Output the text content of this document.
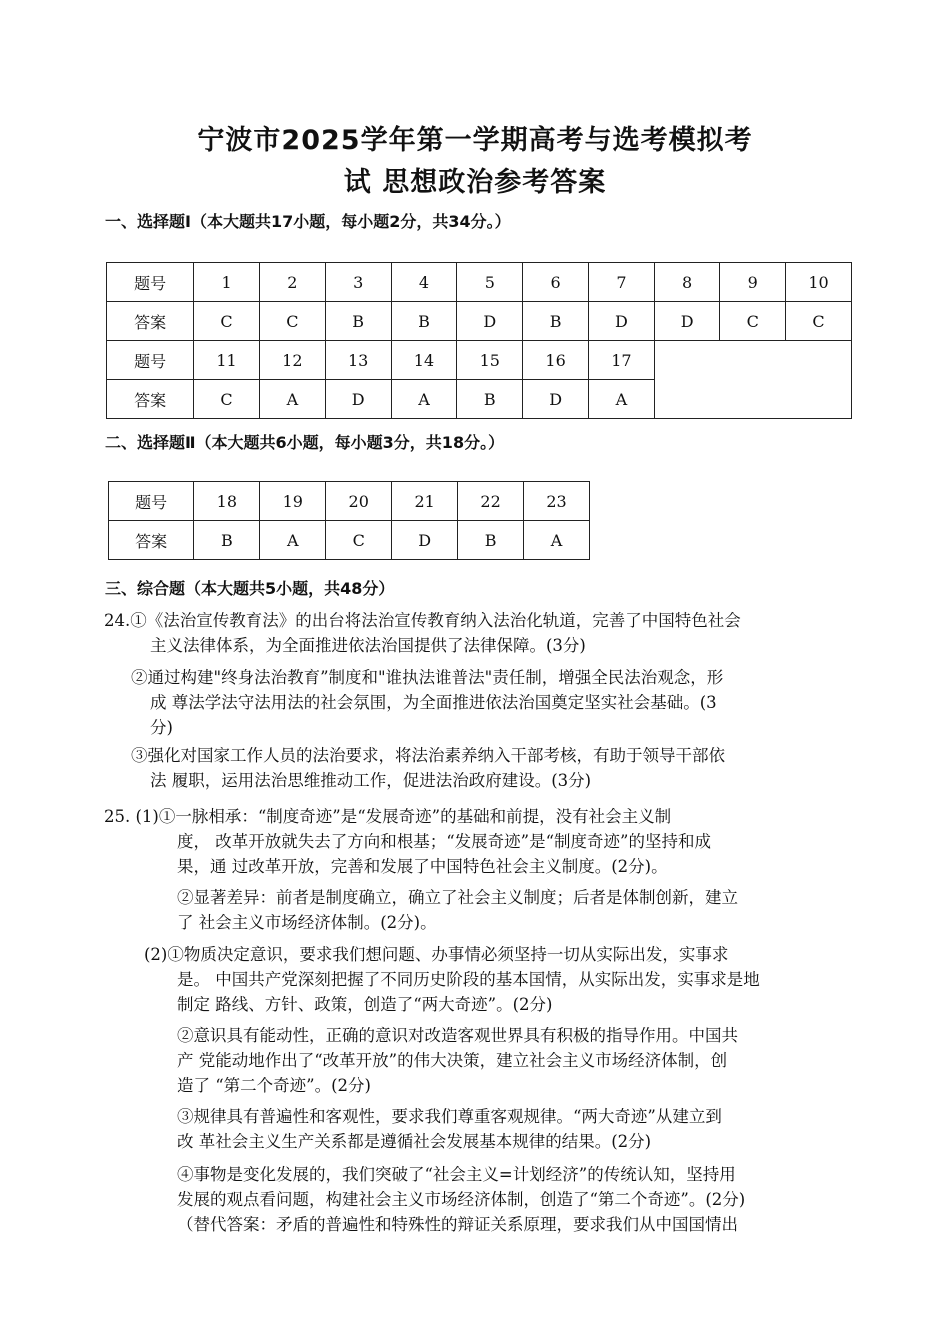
宁波市2025学年第一学期高考与选考模拟考
试 思想政治参考答案
一、选择题Ⅰ（本大题共17小题，每小题2分，共34分。）
题号	1	2	3	4	5	6	7	8	9	10
答案	C	C	B	B	D	B	D	D	C	C
题号	11	12	13	14	15	16	17			
答案	C	A	D	A	B	D	A			
二、选择题Ⅱ（本大题共6小题，每小题3分，共18分。）
题号	18	19	20	21	22	23
答案	B	A	C	D	B	A
三、综合题（本大题共5小题，共48分）
24.①《法治宣传教育法》的出台将法治宣传教育纳入法治化轨道，完善了中国特色社会
主义法律体系，为全面推进依法治国提供了法律保障。(3分)
②通过构建"终身法治教育”制度和"谁执法谁普法"责任制，增强全民法治观念，形
成 尊法学法守法用法的社会氛围，为全面推进依法治国奠定坚实社会基础。(3
分)
③强化对国家工作人员的法治要求，将法治素养纳入干部考核，有助于领导干部依
法 履职，运用法治思维推动工作，促进法治政府建设。(3分)
25. (1)①一脉相承：“制度奇迹”是“发展奇迹”的基础和前提，没有社会主义制
度， 改革开放就失去了方向和根基；“发展奇迹”是“制度奇迹”的坚持和成
果，通 过改革开放，完善和发展了中国特色社会主义制度。(2分)。
②显著差异：前者是制度确立，确立了社会主义制度；后者是体制创新，建立
了 社会主义市场经济体制。(2分)。
(2)①物质决定意识，要求我们想问题、办事情必须坚持一切从实际出发，实事求
是。 中国共产党深刻把握了不同历史阶段的基本国情，从实际出发，实事求是地
制定 路线、方针、政策，创造了“两大奇迹”。(2分)
②意识具有能动性，正确的意识对改造客观世界具有积极的指导作用。中国共
产 党能动地作出了“改革开放”的伟大决策，建立社会主义市场经济体制，创
造了 “第二个奇迹”。(2分)
③规律具有普遍性和客观性，要求我们尊重客观规律。“两大奇迹”从建立到
改 革社会主义生产关系都是遵循社会发展基本规律的结果。(2分)
④事物是变化发展的，我们突破了“社会主义=计划经济”的传统认知，坚持用
发展的观点看问题，构建社会主义市场经济体制，创造了“第二个奇迹”。(2分)
（替代答案：矛盾的普遍性和特殊性的辩证关系原理，要求我们从中国国情出
